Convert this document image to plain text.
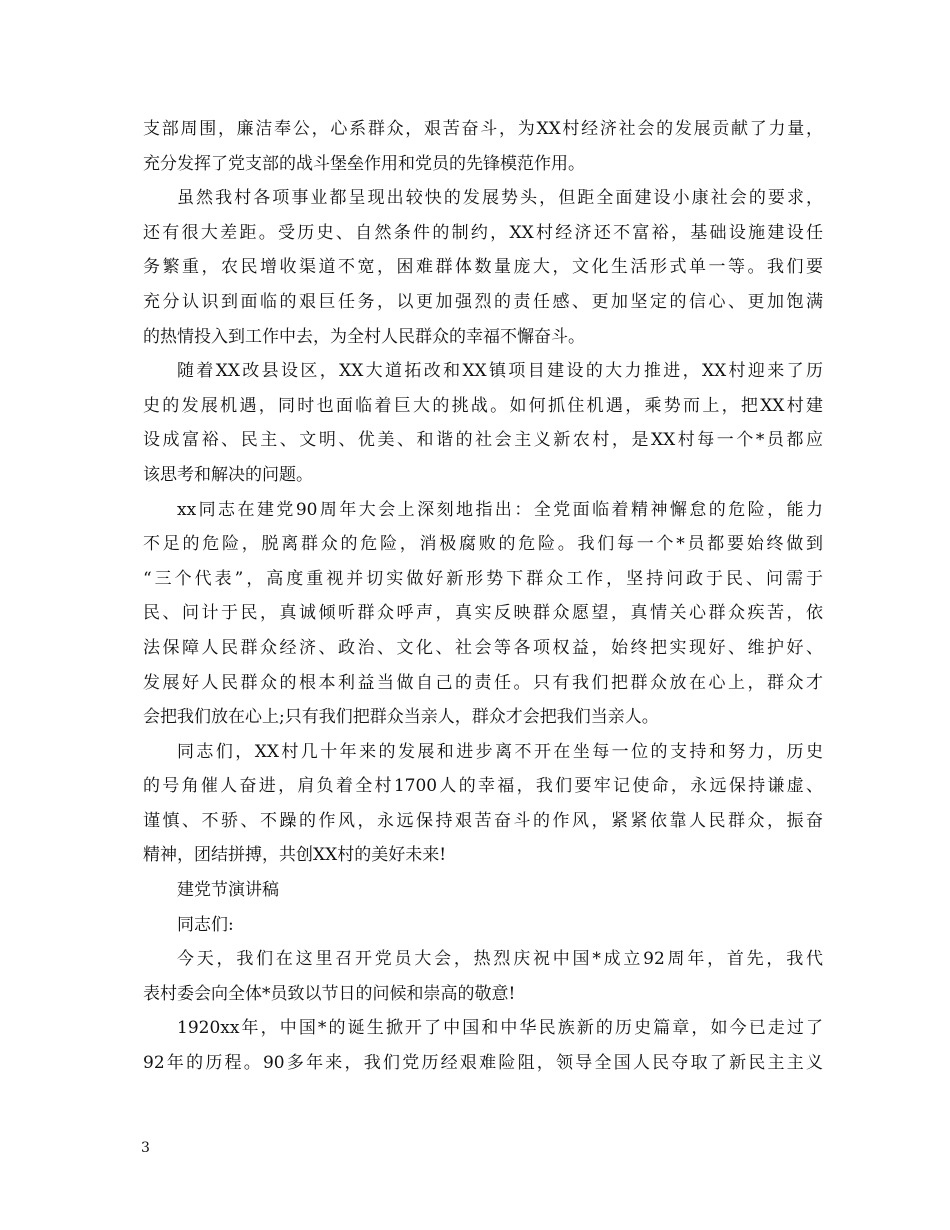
支部周围，廉洁奉公，心系群众，艰苦奋斗，为XX村经济社会的发展贡献了力量，
充分发挥了党支部的战斗堡垒作用和党员的先锋模范作用。
虽然我村各项事业都呈现出较快的发展势头，但距全面建设小康社会的要求，
还有很大差距。受历史、自然条件的制约，XX村经济还不富裕，基础设施建设任
务繁重，农民增收渠道不宽，困难群体数量庞大，文化生活形式单一等。我们要
充分认识到面临的艰巨任务，以更加强烈的责任感、更加坚定的信心、更加饱满
的热情投入到工作中去，为全村人民群众的幸福不懈奋斗。
随着XX改县设区，XX大道拓改和XX镇项目建设的大力推进，XX村迎来了历
史的发展机遇，同时也面临着巨大的挑战。如何抓住机遇，乘势而上，把XX村建
设成富裕、民主、文明、优美、和谐的社会主义新农村，是XX村每一个*员都应
该思考和解决的问题。
xx同志在建党90周年大会上深刻地指出：全党面临着精神懈怠的危险，能力
不足的危险，脱离群众的危险，消极腐败的危险。我们每一个*员都要始终做到
“三个代表”，高度重视并切实做好新形势下群众工作，坚持问政于民、问需于
民、问计于民，真诚倾听群众呼声，真实反映群众愿望，真情关心群众疾苦，依
法保障人民群众经济、政治、文化、社会等各项权益，始终把实现好、维护好、
发展好人民群众的根本利益当做自己的责任。只有我们把群众放在心上，群众才
会把我们放在心上;只有我们把群众当亲人，群众才会把我们当亲人。
同志们，XX村几十年来的发展和进步离不开在坐每一位的支持和努力，历史
的号角催人奋进，肩负着全村1700人的幸福，我们要牢记使命，永远保持谦虚、
谨慎、不骄、不躁的作风，永远保持艰苦奋斗的作风，紧紧依靠人民群众，振奋
精神，团结拼搏，共创XX村的美好未来!
建党节演讲稿
同志们:
今天，我们在这里召开党员大会，热烈庆祝中国*成立92周年，首先，我代
表村委会向全体*员致以节日的问候和崇高的敬意!
1920xx年，中国*的诞生掀开了中国和中华民族新的历史篇章，如今已走过了
92年的历程。90多年来，我们党历经艰难险阻，领导全国人民夺取了新民主主义
3
